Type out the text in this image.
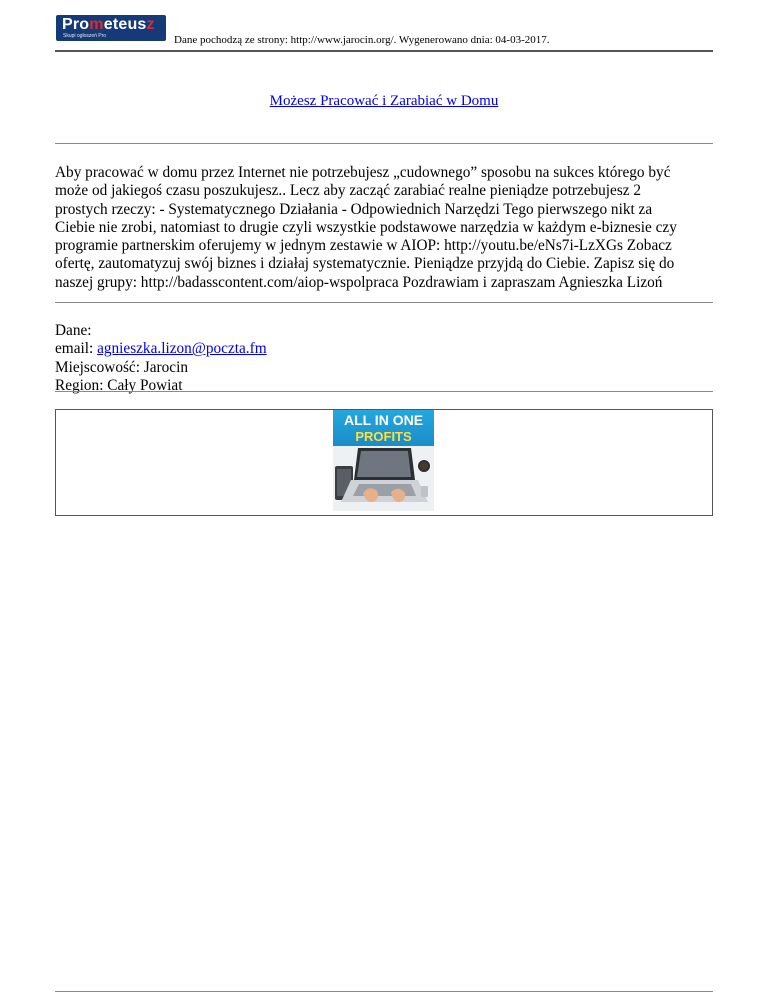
Prometeusz
Skupi ogłoszeń Pro	Dane pochodzą ze strony: http://www.jarocin.org/. Wygenerowano dnia: 04-03-2017.
Możesz Pracować i Zarabiać w Domu
Aby pracować w domu przez Internet nie potrzebujesz „cudownego” sposobu na sukces którego być
może od jakiegoś czasu poszukujesz.. Lecz aby zacząć zarabiać realne pieniądze potrzebujesz 2
prostych rzeczy: - Systematycznego Działania - Odpowiednich Narzędzi Tego pierwszego nikt za
Ciebie nie zrobi, natomiast to drugie czyli wszystkie podstawowe narzędzia w każdym e-biznesie czy
programie partnerskim oferujemy w jednym zestawie w AIOP: http://youtu.be/eNs7i-LzXGs Zobacz
ofertę, zautomatyzuj swój biznes i działaj systematycznie. Pieniądze przyjdą do Ciebie. Zapisz się do
naszej grupy: http://badasscontent.com/aiop-wspolpraca Pozdrawiam i zapraszam Agnieszka Lizoń
Dane:
email: agnieszka.lizon@poczta.fm
Miejscowość: Jarocin
Region: Cały Powiat
ALL IN ONE
PROFITS
